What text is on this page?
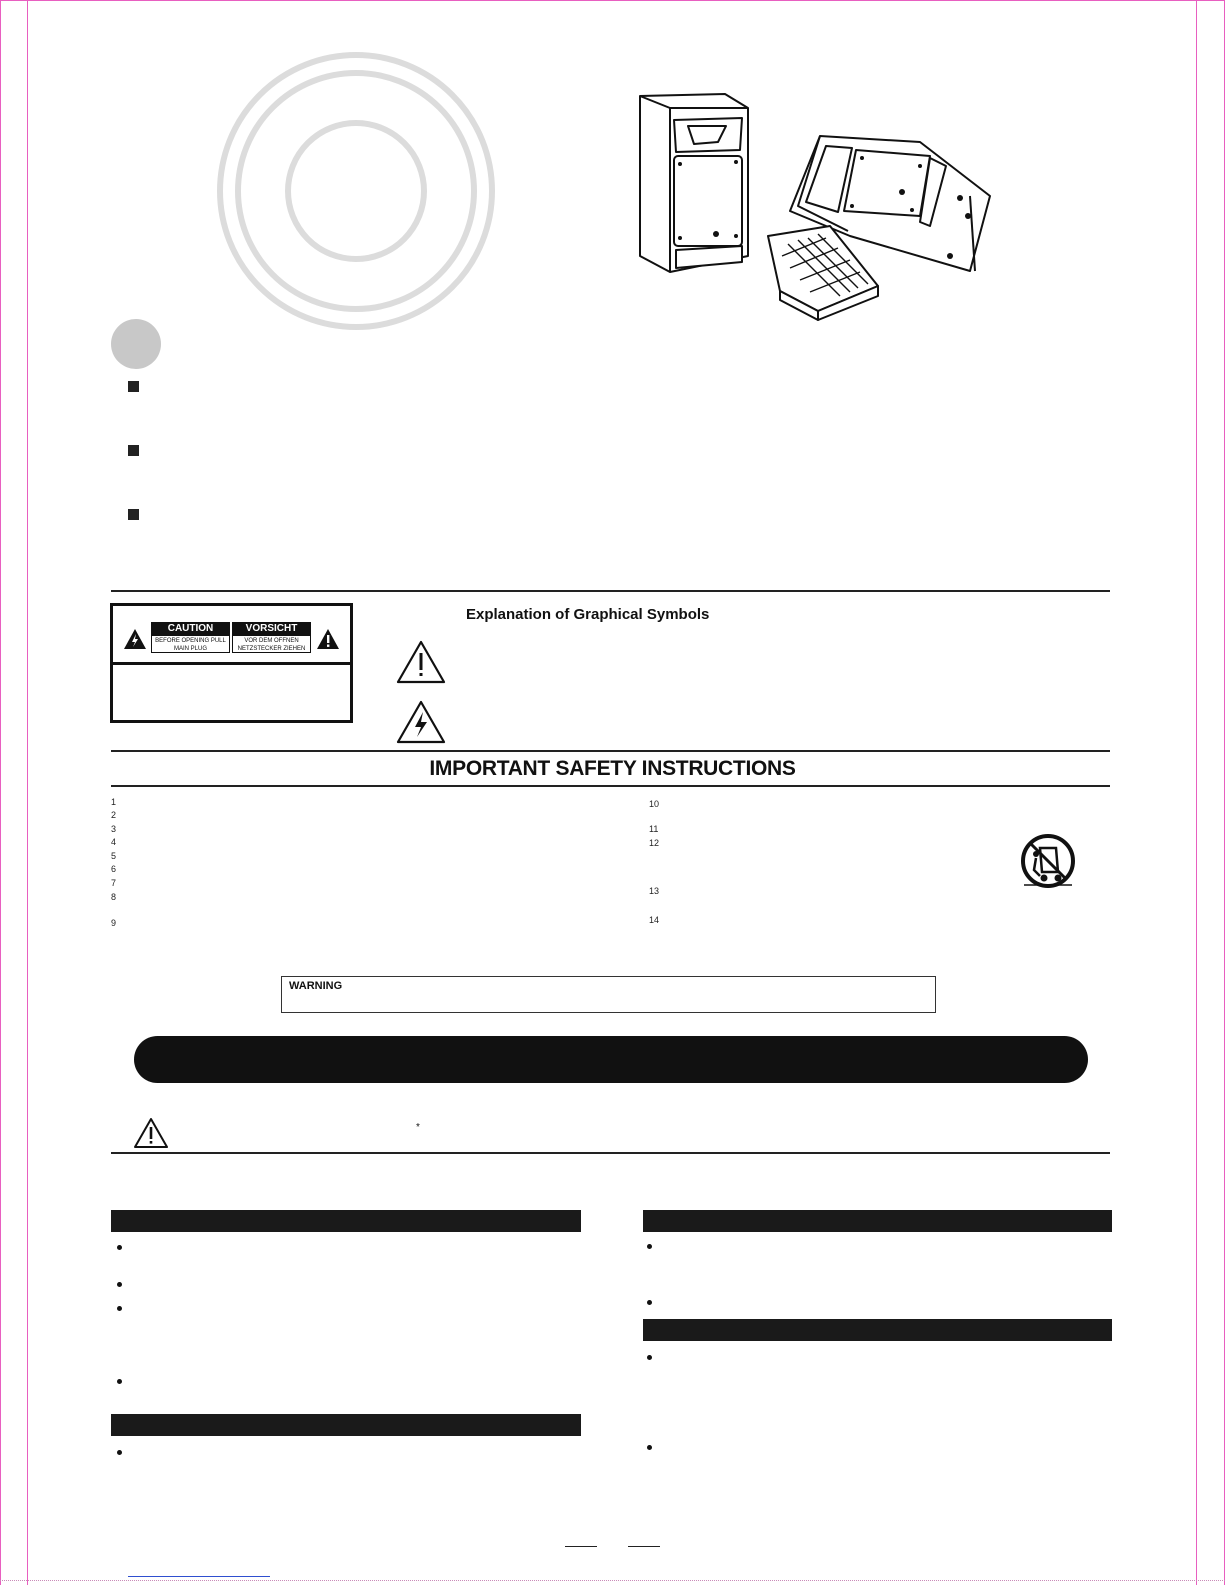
CAUTION	VORSICHT
BEFORE OPENING PULL MAIN PLUG
VOR DEM OFFNEN NETZSTECKER ZIEHEN
Explanation of Graphical Symbols
IMPORTANT SAFETY INSTRUCTIONS
1
2
3
4
5
6
7
8
9
10
11
12
13
14
WARNING
*
